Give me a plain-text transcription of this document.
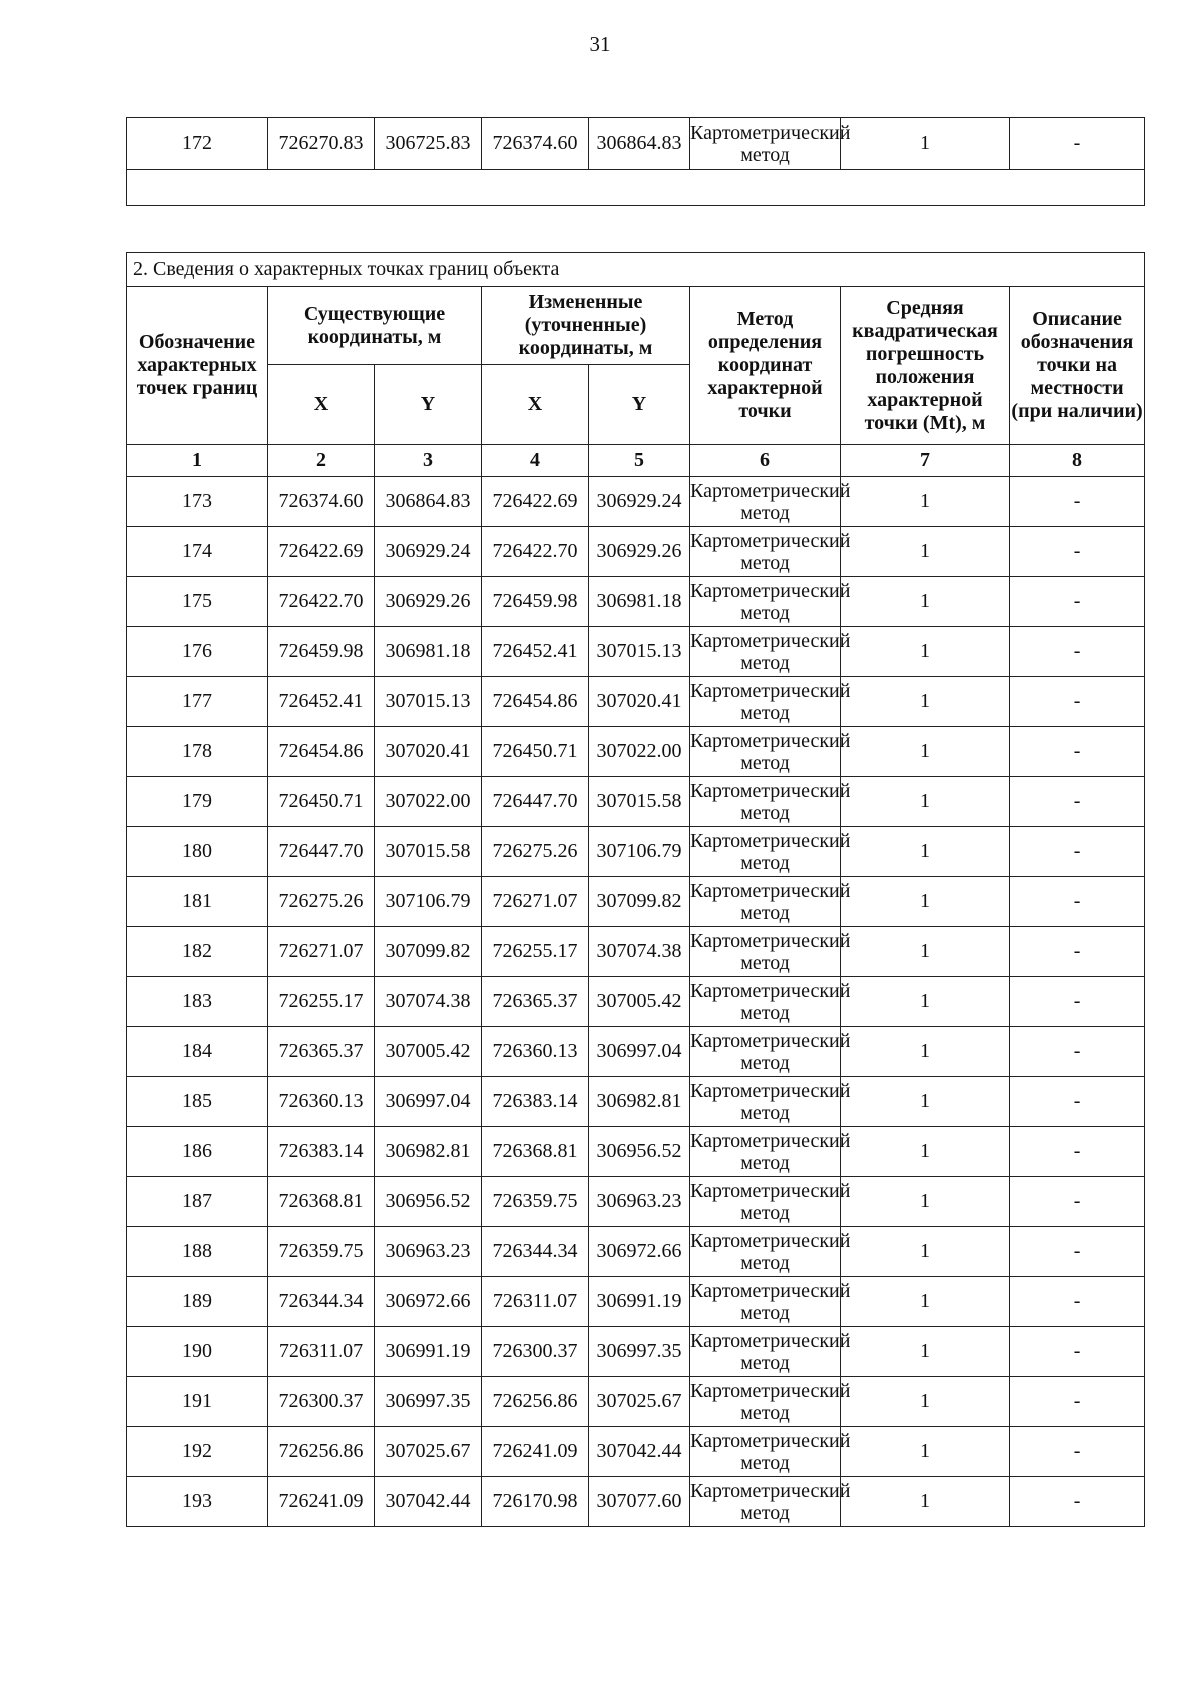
31
172	726270.83	306725.83	726374.60	306864.83	Картометрический метод	1	-

2. Сведения о характерных точках границ объекта							
Обозначение характерных точек границ	Существующие координаты, м		Измененные (уточненные) координаты, м		Метод определения координат характерной точки	Средняя квадратическая погрешность положения характерной точки (Mt), м	Описание обозначения точки на местности (при наличии)
	X	Y	X	Y			
1	2	3	4	5	6	7	8
173	726374.60	306864.83	726422.69	306929.24	Картометрический метод	1	-
174	726422.69	306929.24	726422.70	306929.26	Картометрический метод	1	-
175	726422.70	306929.26	726459.98	306981.18	Картометрический метод	1	-
176	726459.98	306981.18	726452.41	307015.13	Картометрический метод	1	-
177	726452.41	307015.13	726454.86	307020.41	Картометрический метод	1	-
178	726454.86	307020.41	726450.71	307022.00	Картометрический метод	1	-
179	726450.71	307022.00	726447.70	307015.58	Картометрический метод	1	-
180	726447.70	307015.58	726275.26	307106.79	Картометрический метод	1	-
181	726275.26	307106.79	726271.07	307099.82	Картометрический метод	1	-
182	726271.07	307099.82	726255.17	307074.38	Картометрический метод	1	-
183	726255.17	307074.38	726365.37	307005.42	Картометрический метод	1	-
184	726365.37	307005.42	726360.13	306997.04	Картометрический метод	1	-
185	726360.13	306997.04	726383.14	306982.81	Картометрический метод	1	-
186	726383.14	306982.81	726368.81	306956.52	Картометрический метод	1	-
187	726368.81	306956.52	726359.75	306963.23	Картометрический метод	1	-
188	726359.75	306963.23	726344.34	306972.66	Картометрический метод	1	-
189	726344.34	306972.66	726311.07	306991.19	Картометрический метод	1	-
190	726311.07	306991.19	726300.37	306997.35	Картометрический метод	1	-
191	726300.37	306997.35	726256.86	307025.67	Картометрический метод	1	-
192	726256.86	307025.67	726241.09	307042.44	Картометрический метод	1	-
193	726241.09	307042.44	726170.98	307077.60	Картометрический метод	1	-
